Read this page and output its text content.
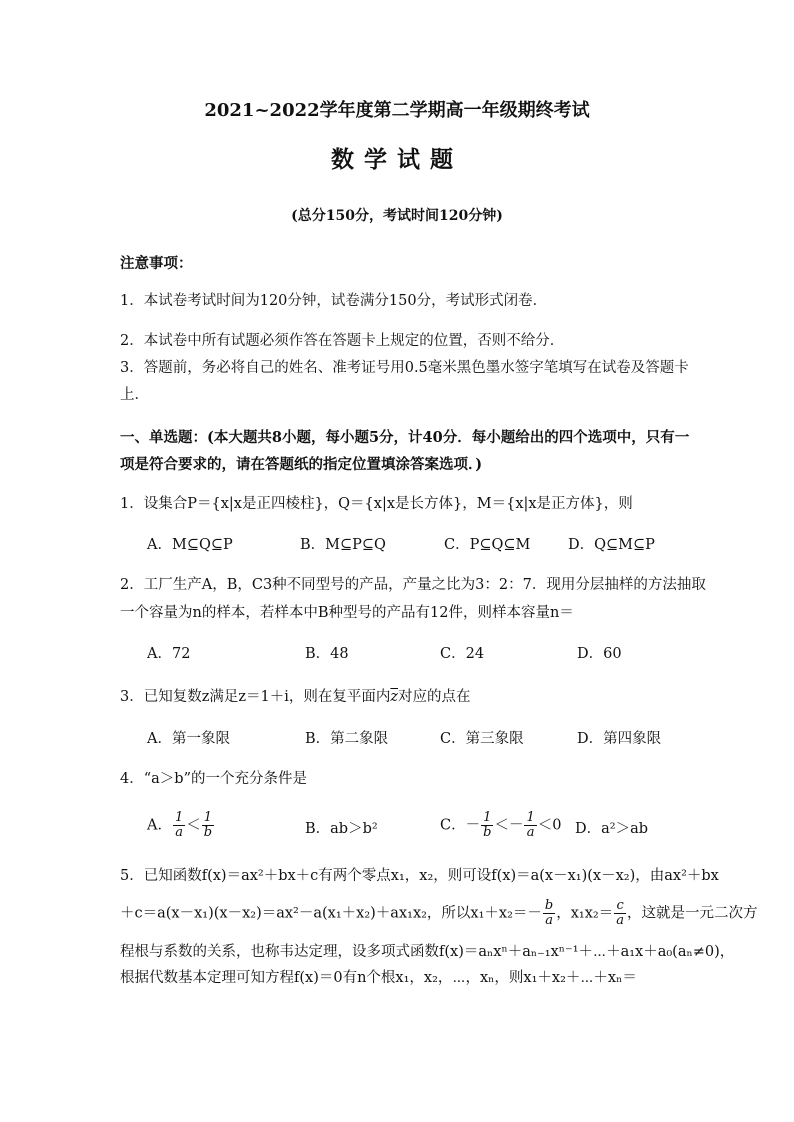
2021~2022学年度第二学期高一年级期终考试
数学试题
(总分150分，考试时间120分钟)
注意事项：
1．本试卷考试时间为120分钟，试卷满分150分，考试形式闭卷．
2．本试卷中所有试题必须作答在答题卡上规定的位置，否则不给分．
3．答题前，务必将自己的姓名、准考证号用0.5毫米黑色墨水签字笔填写在试卷及答题卡
上．
一、单选题：(本大题共8小题，每小题5分，计40分．每小题给出的四个选项中，只有一
项是符合要求的，请在答题纸的指定位置填涂答案选项．)
1．设集合P＝{x|x是正四棱柱}，Q＝{x|x是长方体}，M＝{x|x是正方体}，则
A．M⊆Q⊆P	B．M⊆P⊆Q	C．P⊆Q⊆M	D．Q⊆M⊆P
2．工厂生产A，B，C3种不同型号的产品，产量之比为3：2：7．现用分层抽样的方法抽取
一个容量为n的样本，若样本中B种型号的产品有12件，则样本容量n＝
A．72	B．48	C．24	D．60
3．已知复数z满足z＝1＋i，则在复平面内$\overline{z}$对应的点在
A．第一象限	B．第二象限	C．第三象限	D．第四象限
4．“a＞b”的一个充分条件是
A． $\frac{1}{a} < \frac{1}{b}$	B．ab＞b²	C．－ $\frac{1}{b} <- \frac{1}{a} <0$ D．a²＞ab
5．已知函数f(x)＝ax²＋bx＋c有两个零点x₁，x₂，则可设f(x)＝a(x－x₁)(x－x₂)，由ax²＋bx
＋c＝a(x－x₁)(x－x₂)＝ax²－a(x₁＋x₂)＋ax₁x₂，所以$x_1+x_2=- \frac{b}{a}$ ，$x_1x_2= \frac{c}{a}$ ，这就是一元二次方
程根与系数的关系，也称韦达定理，设多项式函数f(x)＝aₙxⁿ＋aₙ₋₁xⁿ⁻¹＋⋯＋a₁x＋a₀(aₙ≠0)，
根据代数基本定理可知方程f(x)＝0有n个根x₁，x₂，⋯，xₙ，则x₁＋x₂＋⋯＋xₙ＝
